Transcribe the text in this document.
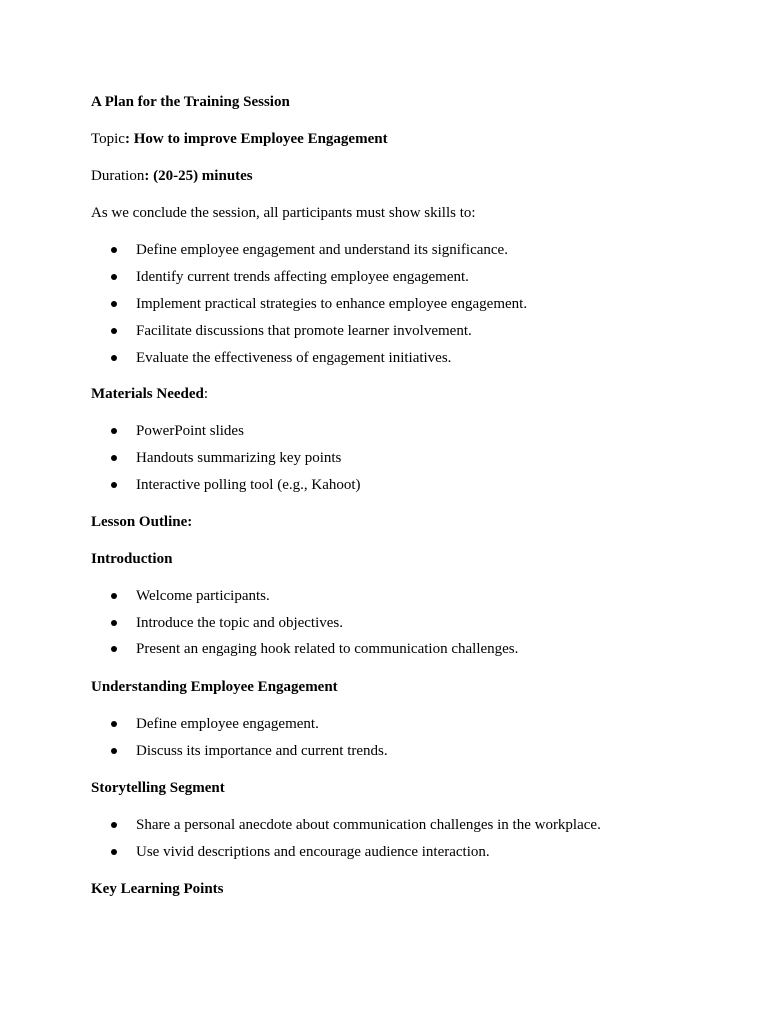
A Plan for the Training Session
Topic: How to improve Employee Engagement
Duration: (20-25) minutes
As we conclude the session, all participants must show skills to:
Define employee engagement and understand its significance.
Identify current trends affecting employee engagement.
Implement practical strategies to enhance employee engagement.
Facilitate discussions that promote learner involvement.
Evaluate the effectiveness of engagement initiatives.
Materials Needed:
PowerPoint slides
Handouts summarizing key points
Interactive polling tool (e.g., Kahoot)
Lesson Outline:
Introduction
Welcome participants.
Introduce the topic and objectives.
Present an engaging hook related to communication challenges.
Understanding Employee Engagement
Define employee engagement.
Discuss its importance and current trends.
Storytelling Segment
Share a personal anecdote about communication challenges in the workplace.
Use vivid descriptions and encourage audience interaction.
Key Learning Points
